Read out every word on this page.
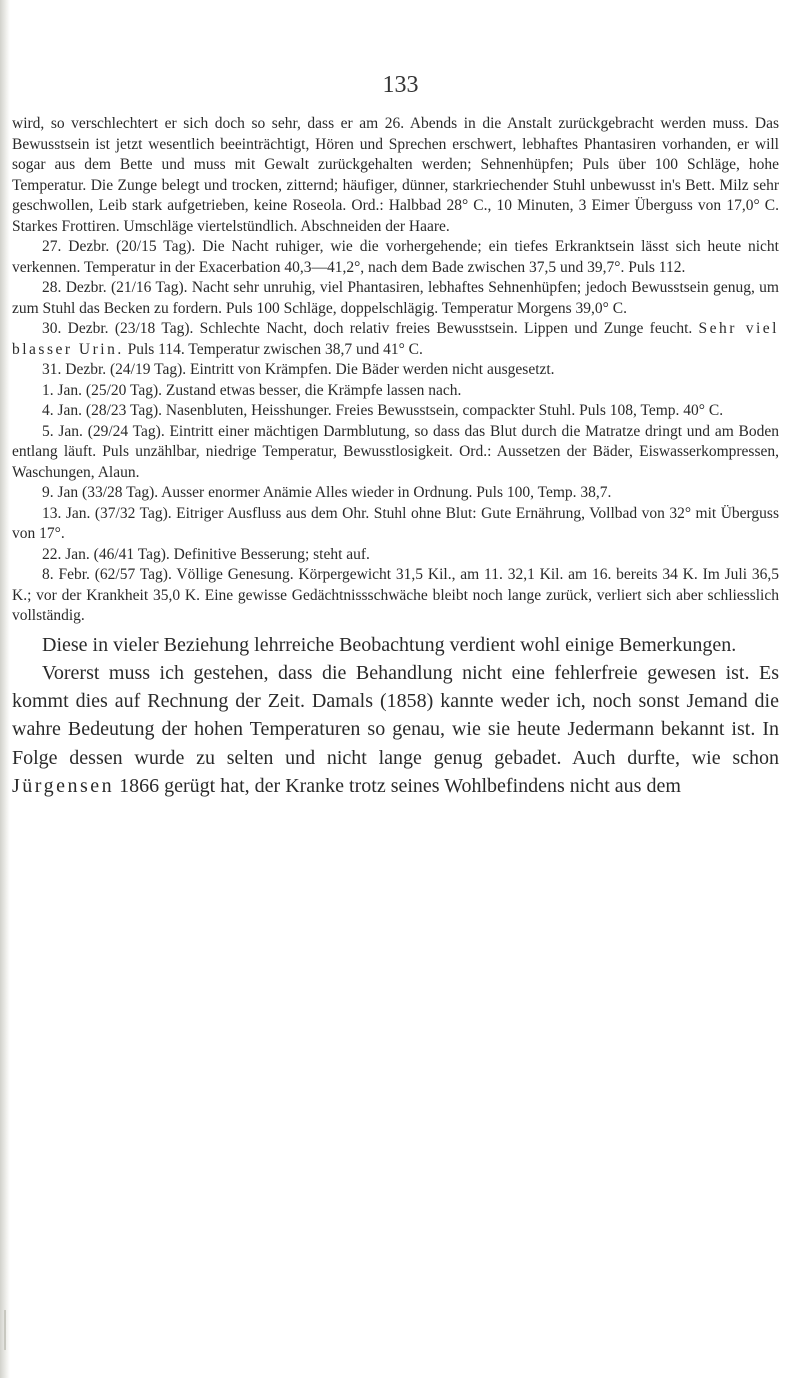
133

wird, so verschlechtert er sich doch so sehr, dass er am 26. Abends in die Anstalt zurückgebracht werden muss. Das Bewusstsein ist jetzt wesentlich beeinträchtigt, Hören und Sprechen erschwert, lebhaftes Phantasiren vorhanden, er will sogar aus dem Bette und muss mit Gewalt zurückgehalten werden; Sehnenhüpfen; Puls über 100 Schläge, hohe Temperatur. Die Zunge belegt und trocken, zitternd; häufiger, dünner, starkriechender Stuhl unbewusst in's Bett. Milz sehr geschwollen, Leib stark aufgetrieben, keine Roseola. Ord.: Halbbad 28° C., 10 Minuten, 3 Eimer Überguss von 17,0° C. Starkes Frottiren. Umschläge viertelstündlich. Abschneiden der Haare.

27. Dezbr. (20/15 Tag). Die Nacht ruhiger, wie die vorhergehende; ein tiefes Erkranktsein lässt sich heute nicht verkennen. Temperatur in der Exacerbation 40,3—41,2°, nach dem Bade zwischen 37,5 und 39,7°. Puls 112.

28. Dezbr. (21/16 Tag). Nacht sehr unruhig, viel Phantasiren, lebhaftes Sehnenhüpfen; jedoch Bewusstsein genug, um zum Stuhl das Becken zu fordern. Puls 100 Schläge, doppelschlägig. Temperatur Morgens 39,0° C.

30. Dezbr. (23/18 Tag). Schlechte Nacht, doch relativ freies Bewusstsein. Lippen und Zunge feucht. Sehr viel blasser Urin. Puls 114. Temperatur zwischen 38,7 und 41° C.

31. Dezbr. (24/19 Tag). Eintritt von Krämpfen. Die Bäder werden nicht ausgesetzt.

1. Jan. (25/20 Tag). Zustand etwas besser, die Krämpfe lassen nach.

4. Jan. (28/23 Tag). Nasenbluten, Heisshunger. Freies Bewusstsein, compackter Stuhl. Puls 108, Temp. 40° C.

5. Jan. (29/24 Tag). Eintritt einer mächtigen Darmblutung, so dass das Blut durch die Matratze dringt und am Boden entlang läuft. Puls unzählbar, niedrige Temperatur, Bewusstlosigkeit. Ord.: Aussetzen der Bäder, Eiswasserkompressen, Waschungen, Alaun.

9. Jan (33/28 Tag). Ausser enormer Anämie Alles wieder in Ordnung. Puls 100, Temp. 38,7.

13. Jan. (37/32 Tag). Eitriger Ausfluss aus dem Ohr. Stuhl ohne Blut: Gute Ernährung, Vollbad von 32° mit Überguss von 17°.

22. Jan. (46/41 Tag). Definitive Besserung; steht auf.

8. Febr. (62/57 Tag). Völlige Genesung. Körpergewicht 31,5 Kil., am 11. 32,1 Kil. am 16. bereits 34 K. Im Juli 36,5 K.; vor der Krankheit 35,0 K. Eine gewisse Gedächtnissschwäche bleibt noch lange zurück, verliert sich aber schliesslich vollständig.

Diese in vieler Beziehung lehrreiche Beobachtung verdient wohl einige Bemerkungen.

Vorerst muss ich gestehen, dass die Behandlung nicht eine fehlerfreie gewesen ist. Es kommt dies auf Rechnung der Zeit. Damals (1858) kannte weder ich, noch sonst Jemand die wahre Bedeutung der hohen Temperaturen so genau, wie sie heute Jedermann bekannt ist. In Folge dessen wurde zu selten und nicht lange genug gebadet. Auch durfte, wie schon Jürgensen 1866 gerügt hat, der Kranke trotz seines Wohlbefindens nicht aus dem
